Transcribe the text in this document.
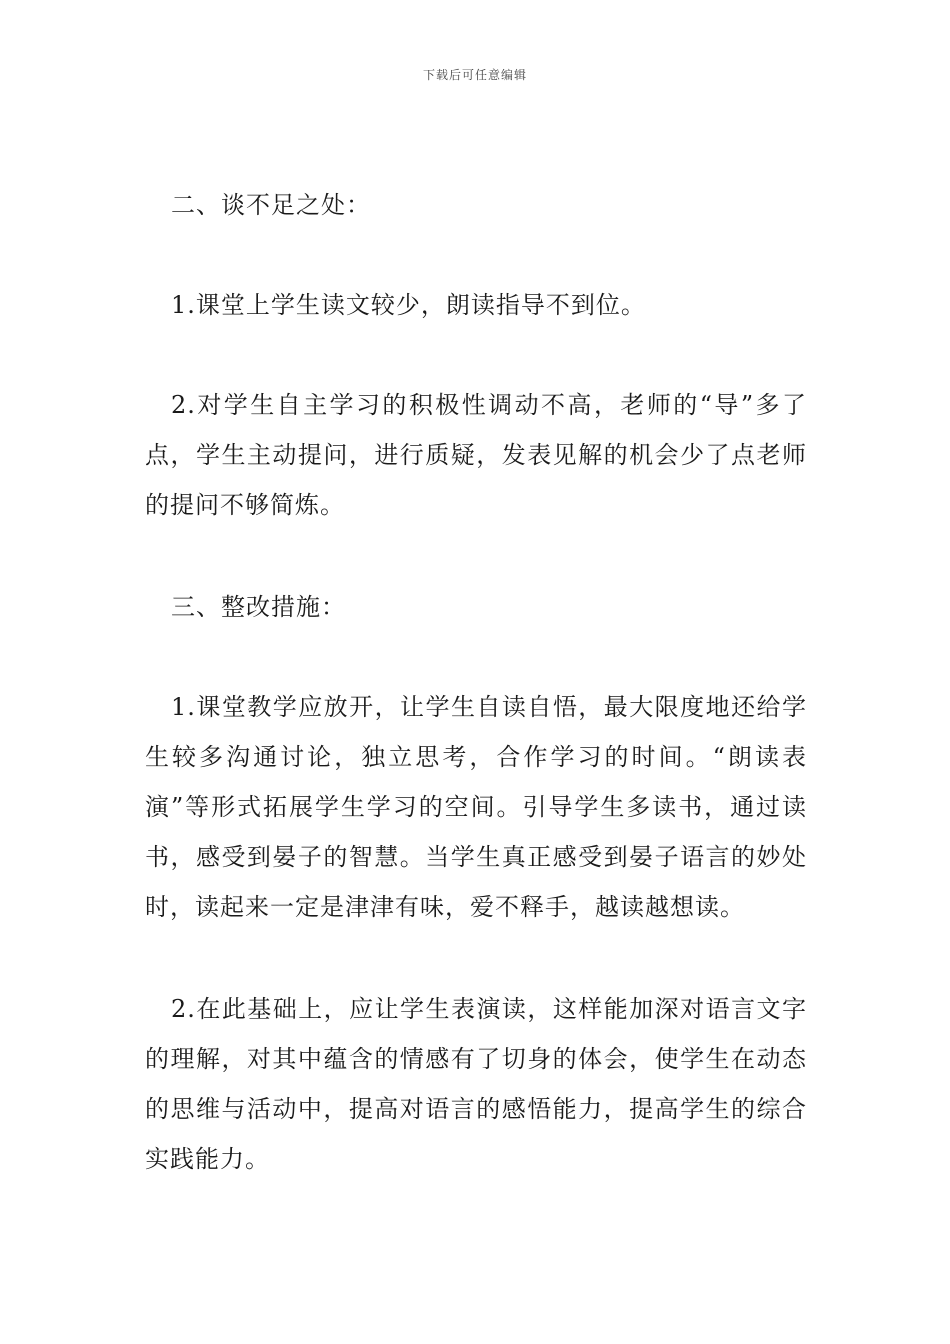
下载后可任意编辑

二、谈不足之处：

1.课堂上学生读文较少，朗读指导不到位。

2.对学生自主学习的积极性调动不高，老师的“导”多了点，学生主动提问，进行质疑，发表见解的机会少了点老师的提问不够简炼。

三、整改措施：

1.课堂教学应放开，让学生自读自悟，最大限度地还给学生较多沟通讨论，独立思考，合作学习的时间。“朗读表演”等形式拓展学生学习的空间。引导学生多读书，通过读书，感受到晏子的智慧。当学生真正感受到晏子语言的妙处时，读起来一定是津津有味，爱不释手，越读越想读。

2.在此基础上，应让学生表演读，这样能加深对语言文字的理解，对其中蕴含的情感有了切身的体会，使学生在动态的思维与活动中，提高对语言的感悟能力，提高学生的综合实践能力。
